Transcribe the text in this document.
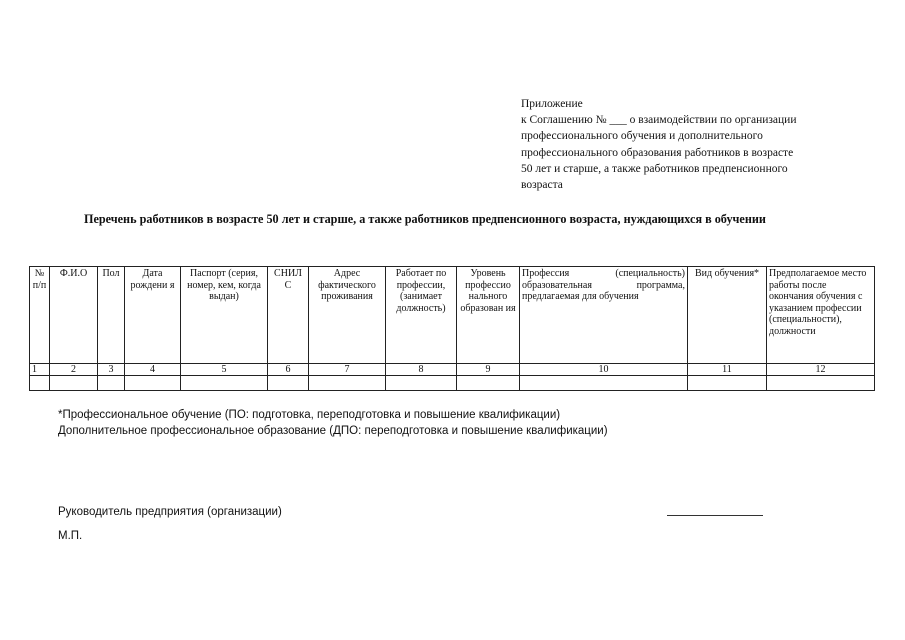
Приложение
к Соглашению № ___ о взаимодействии по организации
профессионального обучения и дополнительного
профессионального образования работников в возрасте
50 лет и старше, а также работников предпенсионного
возраста
Перечень работников в возрасте 50 лет и старше, а также работников предпенсионного возраста, нуждающихся в обучении
№ п/п	Ф.И.О	Пол	Дата рождени я	Паспорт (серия, номер, кем, когда выдан)	СНИЛ С	Адрес фактического проживания	Работает по профессии, (занимает должность)	Уровень профессио нального образован ия	Профессия (специальность) образовательная программа, предлагаемая для обучения	Вид обучения*	Предполагаемое место работы после окончания обучения с указанием профессии (специальности), должности
1	2	3	4	5	6	7	8	9	10	11	12

*Профессиональное обучение (ПО: подготовка, переподготовка и повышение квалификации)
Дополнительное профессиональное образование (ДПО: переподготовка и повышение квалификации)
Руководитель предприятия (организации)
М.П.
